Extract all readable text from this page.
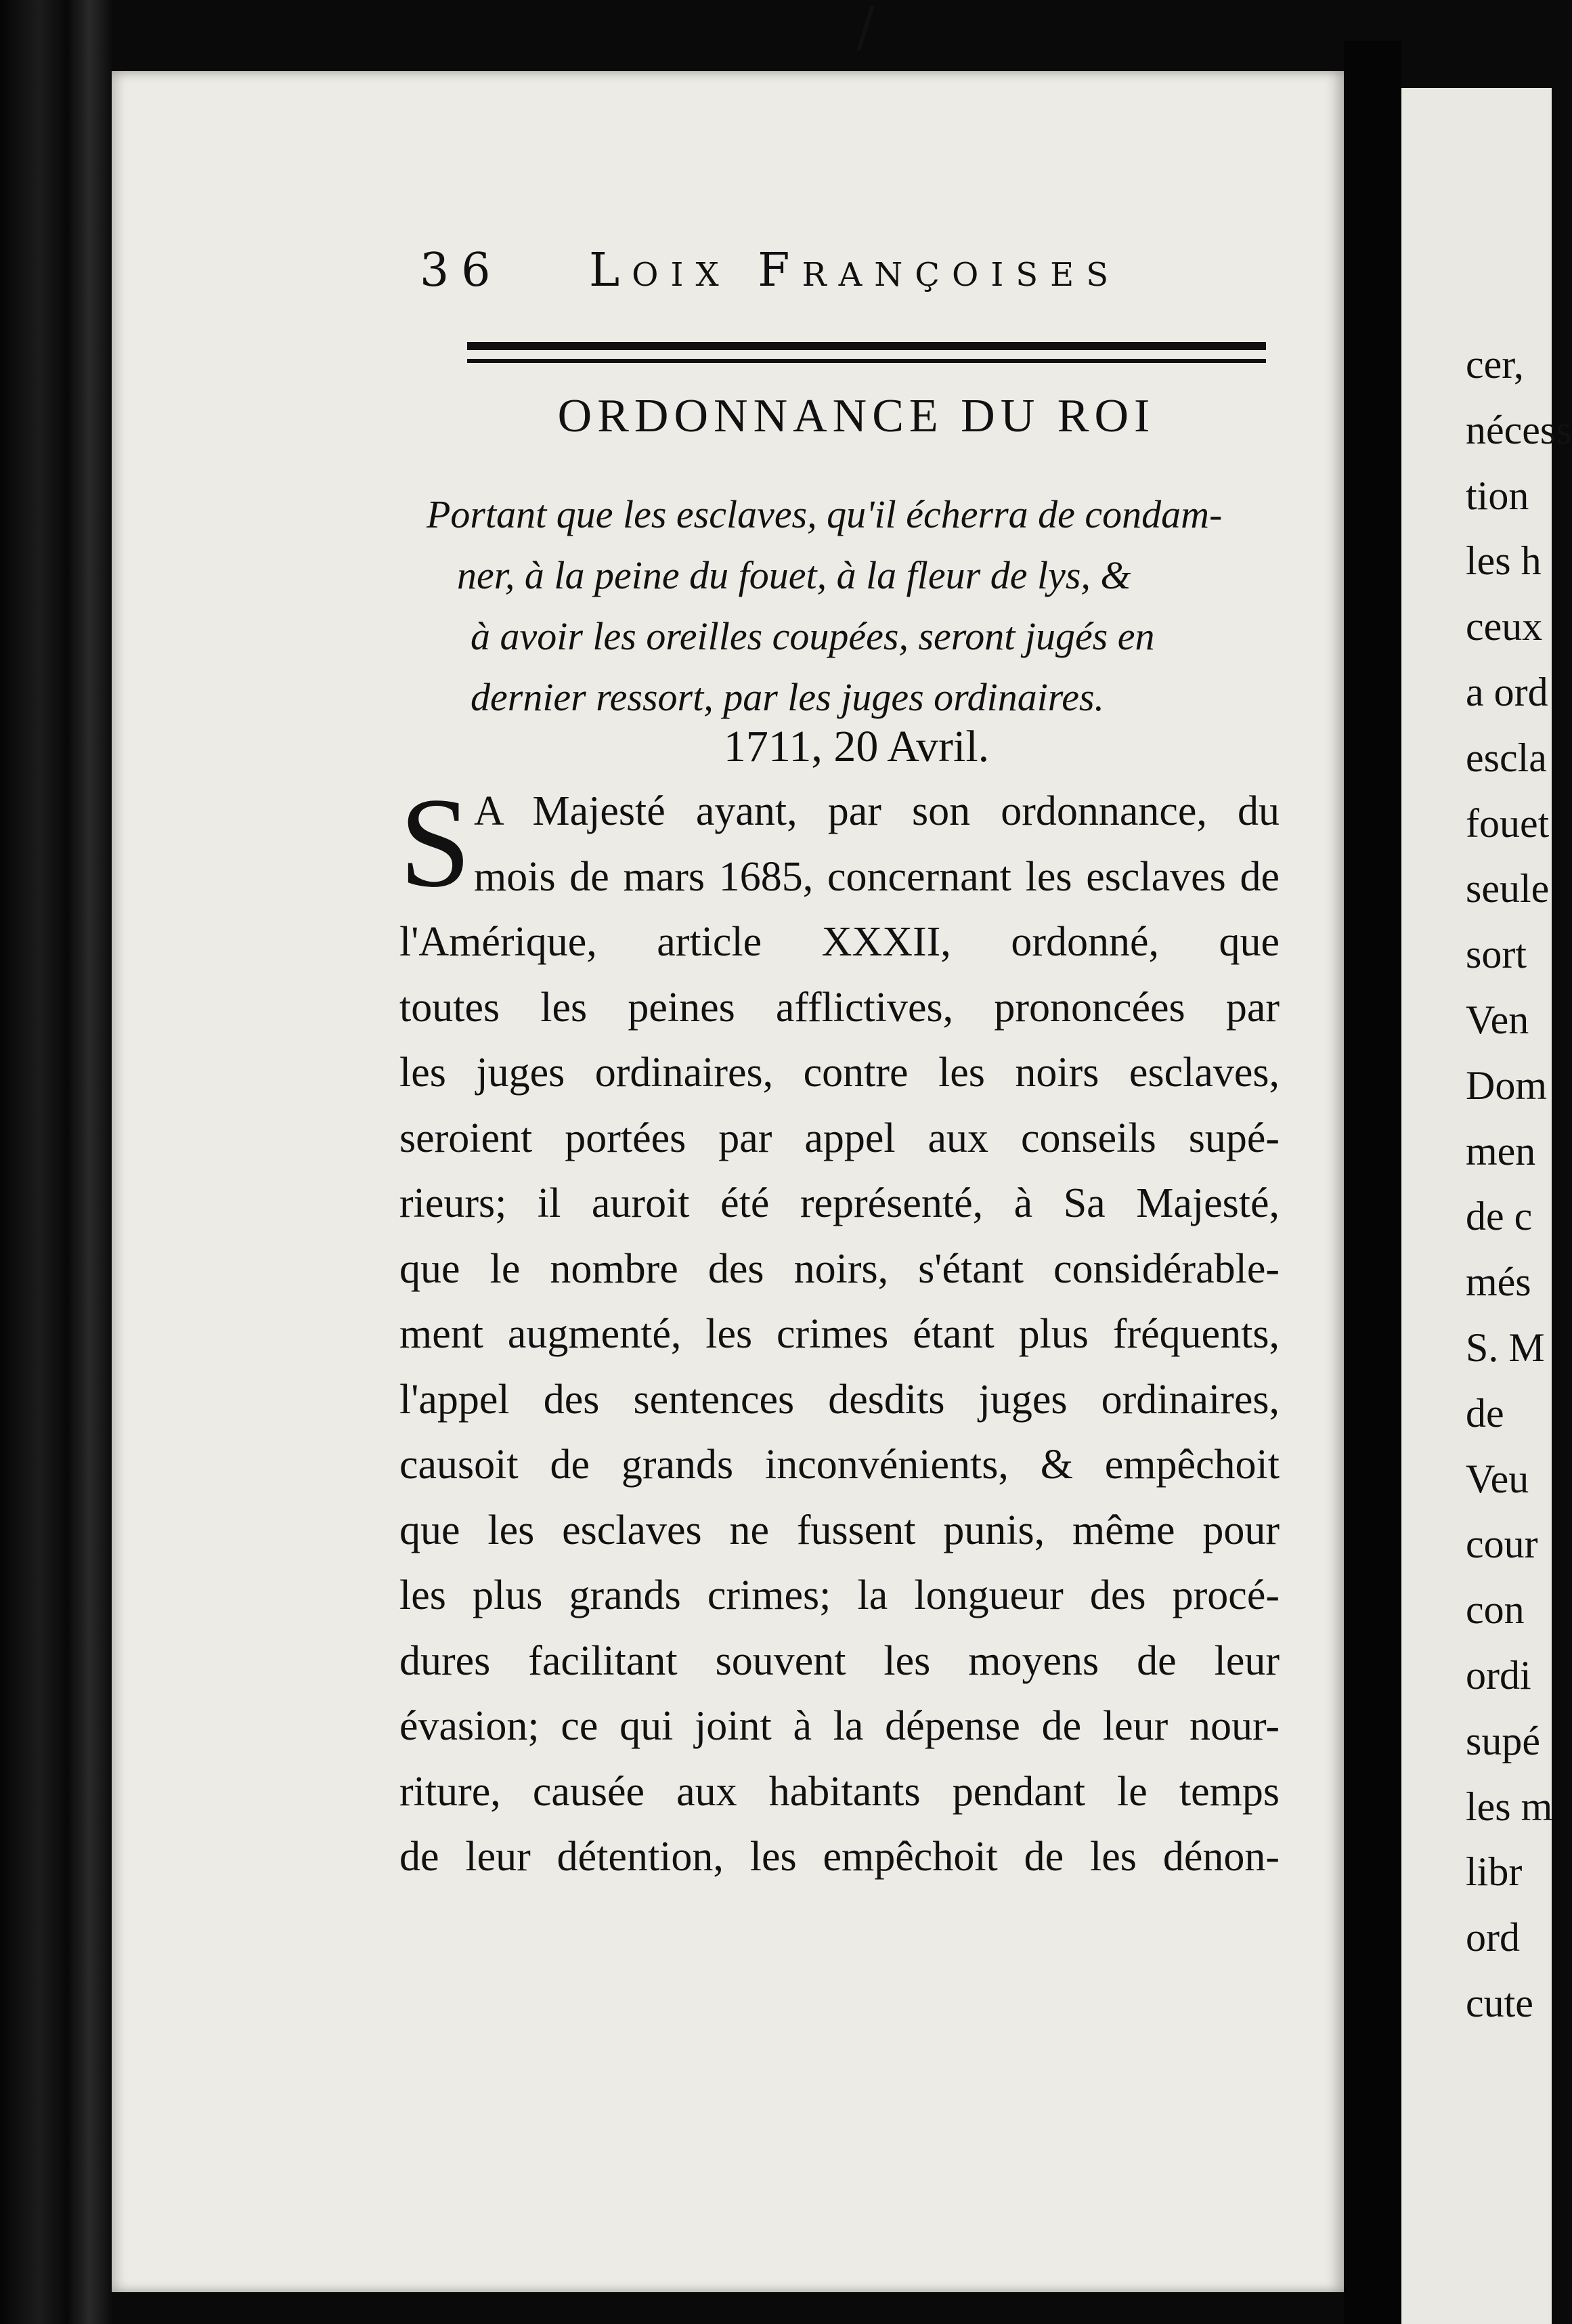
/
36 Loix Françoises
ORDONNANCE DU ROI
Portant que les esclaves, qu'il écherra de condam-
ner, à la peine du fouet, à la fleur de lys, &
à avoir les oreilles coupées, seront jugés en
dernier ressort, par les juges ordinaires.
1711, 20 Avril.
S A Majesté ayant, par son ordonnance, du
mois de mars 1685, concernant les esclaves de
l'Amérique, article XXXII, ordonné, que
toutes les peines afflictives, prononcées par
les juges ordinaires, contre les noirs esclaves,
seroient portées par appel aux conseils supé-
rieurs; il auroit été représenté, à Sa Majesté,
que le nombre des noirs, s'étant considérable-
ment augmenté, les crimes étant plus fréquents,
l'appel des sentences desdits juges ordinaires,
causoit de grands inconvénients, & empêchoit
que les esclaves ne fussent punis, même pour
les plus grands crimes; la longueur des procé-
dures facilitant souvent les moyens de leur
évasion; ce qui joint à la dépense de leur nour-
riture, causée aux habitants pendant le temps
de leur détention, les empêchoit de les dénon-
cer,
nécess
tion
les h
ceux
a ord
escla
fouet
seule
sort
Ven
Dom
men
de c
més
S. M
de
Veu
cour
con
ordi
supé
les m
libr
ord
cute
